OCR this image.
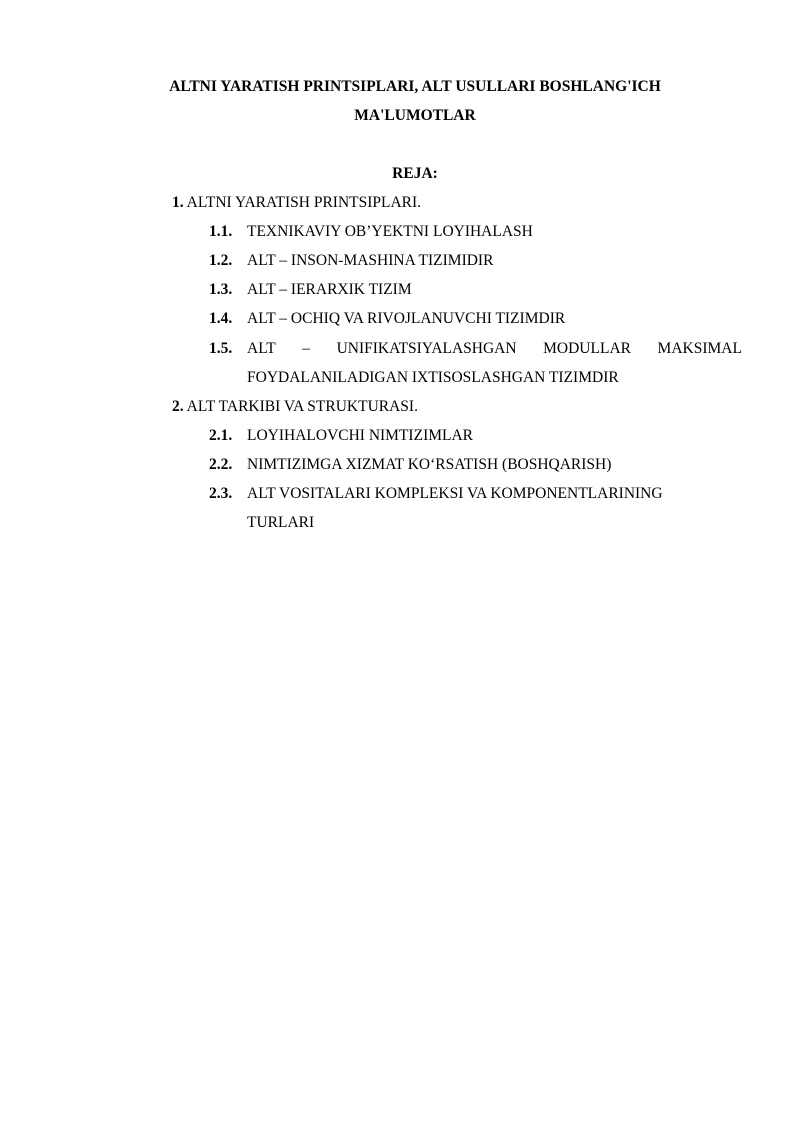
ALTNI YARATISH PRINTSIPLARI, ALT USULLARI BOSHLANG'ICH
MA'LUMOTLAR
REJA:
1. ALTNI YARATISH PRINTSIPLARI.
1.1. TEXNIKAVIY OB’YEKTNI LOYIHALASH
1.2. ALT – INSON-MASHINA TIZIMIDIR
1.3. ALT – IERARXIK TIZIM
1.4. ALT – OCHIQ VA RIVOJLANUVCHI TIZIMDIR
1.5. ALT – UNIFIKATSIYALASHGAN MODULLAR MAKSIMAL
FOYDALANILADIGAN IXTISOSLASHGAN TIZIMDIR
2. ALT TARKIBI VA STRUKTURASI.
2.1. LOYIHALOVCHI NIMTIZIMLAR
2.2. NIMTIZIMGA XIZMAT KO‘RSATISH (BOSHQARISH)
2.3. ALT VOSITALARI KOMPLEKSI VA KOMPONENTLARINING
TURLARI
